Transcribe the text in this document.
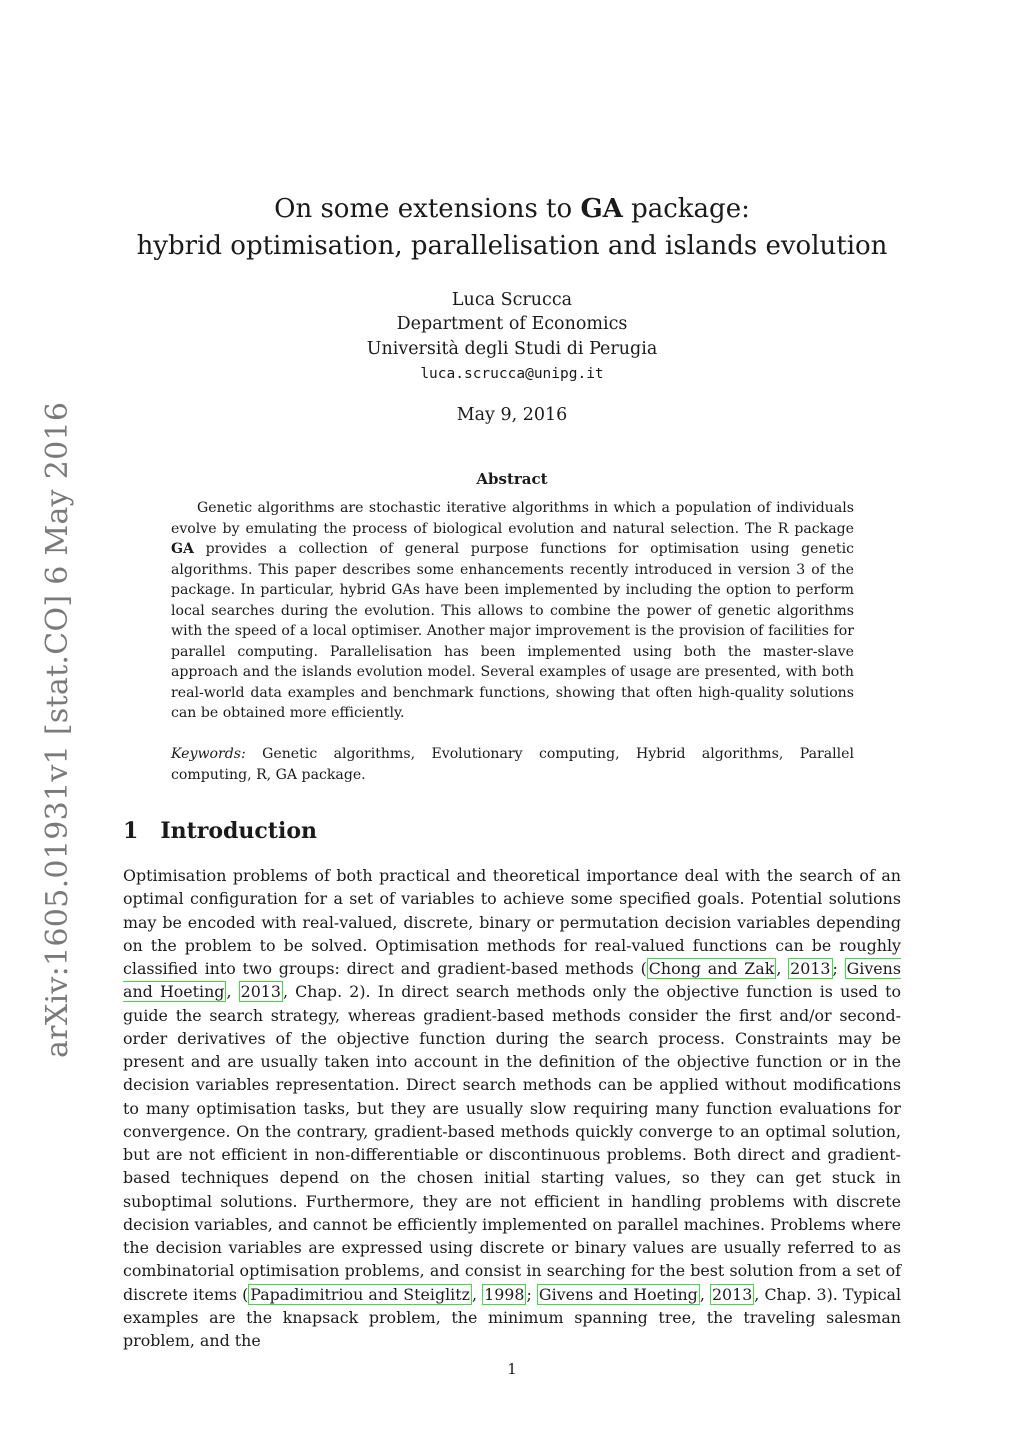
arXiv:1605.01931v1 [stat.CO] 6 May 2016
On some extensions to GA package:
hybrid optimisation, parallelisation and islands evolution
Luca Scrucca
Department of Economics
Università degli Studi di Perugia
luca.scrucca@unipg.it
May 9, 2016
Abstract
Genetic algorithms are stochastic iterative algorithms in which a population of individuals evolve by emulating the process of biological evolution and natural selection. The R package GA provides a collection of general purpose functions for optimisation using genetic algorithms. This paper describes some enhancements recently introduced in version 3 of the package. In particular, hybrid GAs have been implemented by including the option to perform local searches during the evolution. This allows to combine the power of genetic algorithms with the speed of a local optimiser. Another major improvement is the provision of facilities for parallel computing. Parallelisation has been implemented using both the master-slave approach and the islands evolution model. Several examples of usage are presented, with both real-world data examples and benchmark functions, showing that often high-quality solutions can be obtained more efficiently.
Keywords: Genetic algorithms, Evolutionary computing, Hybrid algorithms, Parallel computing, R, GA package.
1 Introduction
Optimisation problems of both practical and theoretical importance deal with the search of an optimal configuration for a set of variables to achieve some specified goals. Potential solutions may be encoded with real-valued, discrete, binary or permutation decision variables depending on the problem to be solved. Optimisation methods for real-valued functions can be roughly classified into two groups: direct and gradient-based methods ( Chong and Zak , 2013 ; Givens and Hoeting , 2013 , Chap. 2). In direct search methods only the objective function is used to guide the search strategy, whereas gradient-based methods consider the first and/or second-order derivatives of the objective function during the search process. Constraints may be present and are usually taken into account in the definition of the objective function or in the decision variables representation. Direct search methods can be applied without modifications to many optimisation tasks, but they are usually slow requiring many function evaluations for convergence. On the contrary, gradient-based methods quickly converge to an optimal solution, but are not efficient in non-differentiable or discontinuous problems. Both direct and gradient-based techniques depend on the chosen initial starting values, so they can get stuck in suboptimal solutions. Furthermore, they are not efficient in handling problems with discrete decision variables, and cannot be efficiently implemented on parallel machines. Problems where the decision variables are expressed using discrete or binary values are usually referred to as combinatorial optimisation problems, and consist in searching for the best solution from a set of discrete items ( Papadimitriou and Steiglitz , 1998 ; Givens and Hoeting , 2013 , Chap. 3). Typical examples are the knapsack problem, the minimum spanning tree, the traveling salesman problem, and the
1
